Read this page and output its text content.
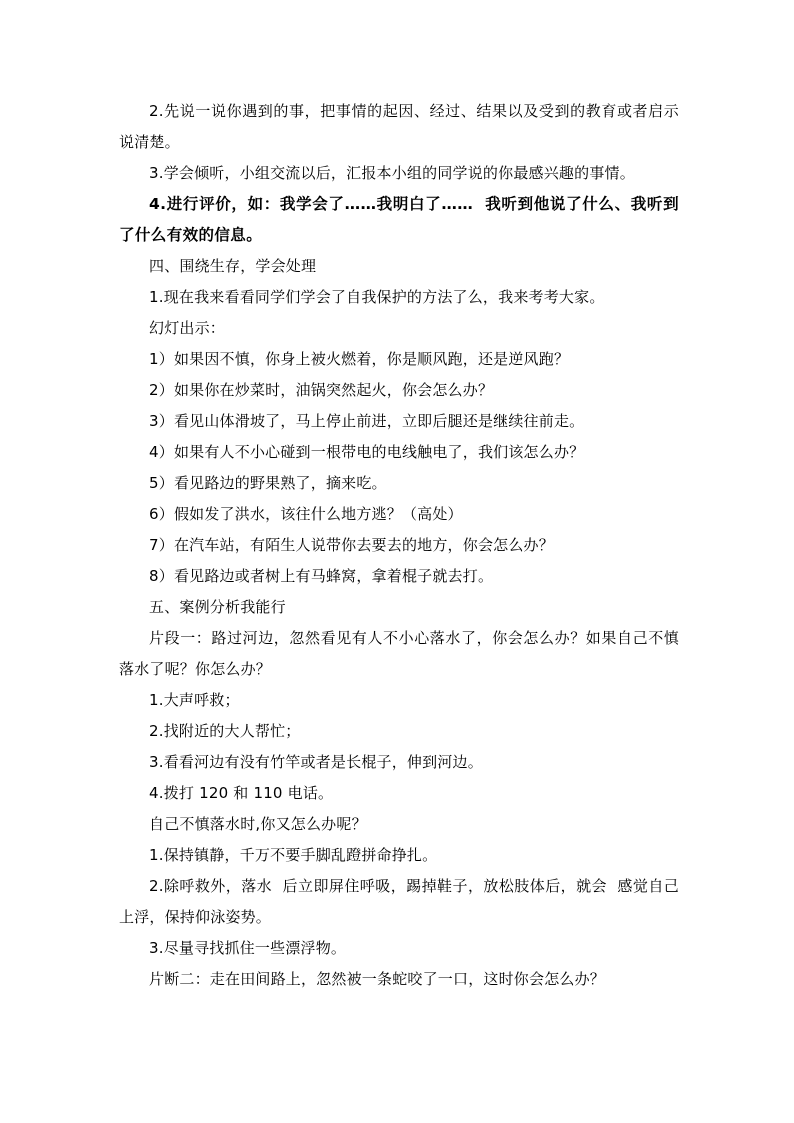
2.先说一说你遇到的事，把事情的起因、经过、结果以及受到的教育或者启示说清楚。

3.学会倾听，小组交流以后，汇报本小组的同学说的你最感兴趣的事情。

4.进行评价，如：我学会了……我明白了……  我听到他说了什么、我听到了什么有效的信息。

四、围绕生存，学会处理

1.现在我来看看同学们学会了自我保护的方法了么，我来考考大家。

幻灯出示：

1）如果因不慎，你身上被火燃着，你是顺风跑，还是逆风跑？

2）如果你在炒菜时，油锅突然起火，你会怎么办？

3）看见山体滑坡了，马上停止前进，立即后腿还是继续往前走。

4）如果有人不小心碰到一根带电的电线触电了，我们该怎么办？

5）看见路边的野果熟了，摘来吃。

6）假如发了洪水，该往什么地方逃？（高处）

7）在汽车站，有陌生人说带你去要去的地方，你会怎么办？

8）看见路边或者树上有马蜂窝，拿着棍子就去打。

五、案例分析我能行

片段一：路过河边，忽然看见有人不小心落水了，你会怎么办？如果自己不慎落水了呢？你怎么办？

1.大声呼救；

2.找附近的大人帮忙；

3.看看河边有没有竹竿或者是长棍子，伸到河边。

4.拨打 120 和 110 电话。

自己不慎落水时,你又怎么办呢？

1.保持镇静，千万不要手脚乱蹬拼命挣扎。

2.除呼救外，落水  后立即屏住呼吸，踢掉鞋子，放松肢体后，就会  感觉自己上浮，保持仰泳姿势。

3.尽量寻找抓住一些漂浮物。

片断二：走在田间路上，忽然被一条蛇咬了一口，这时你会怎么办？
